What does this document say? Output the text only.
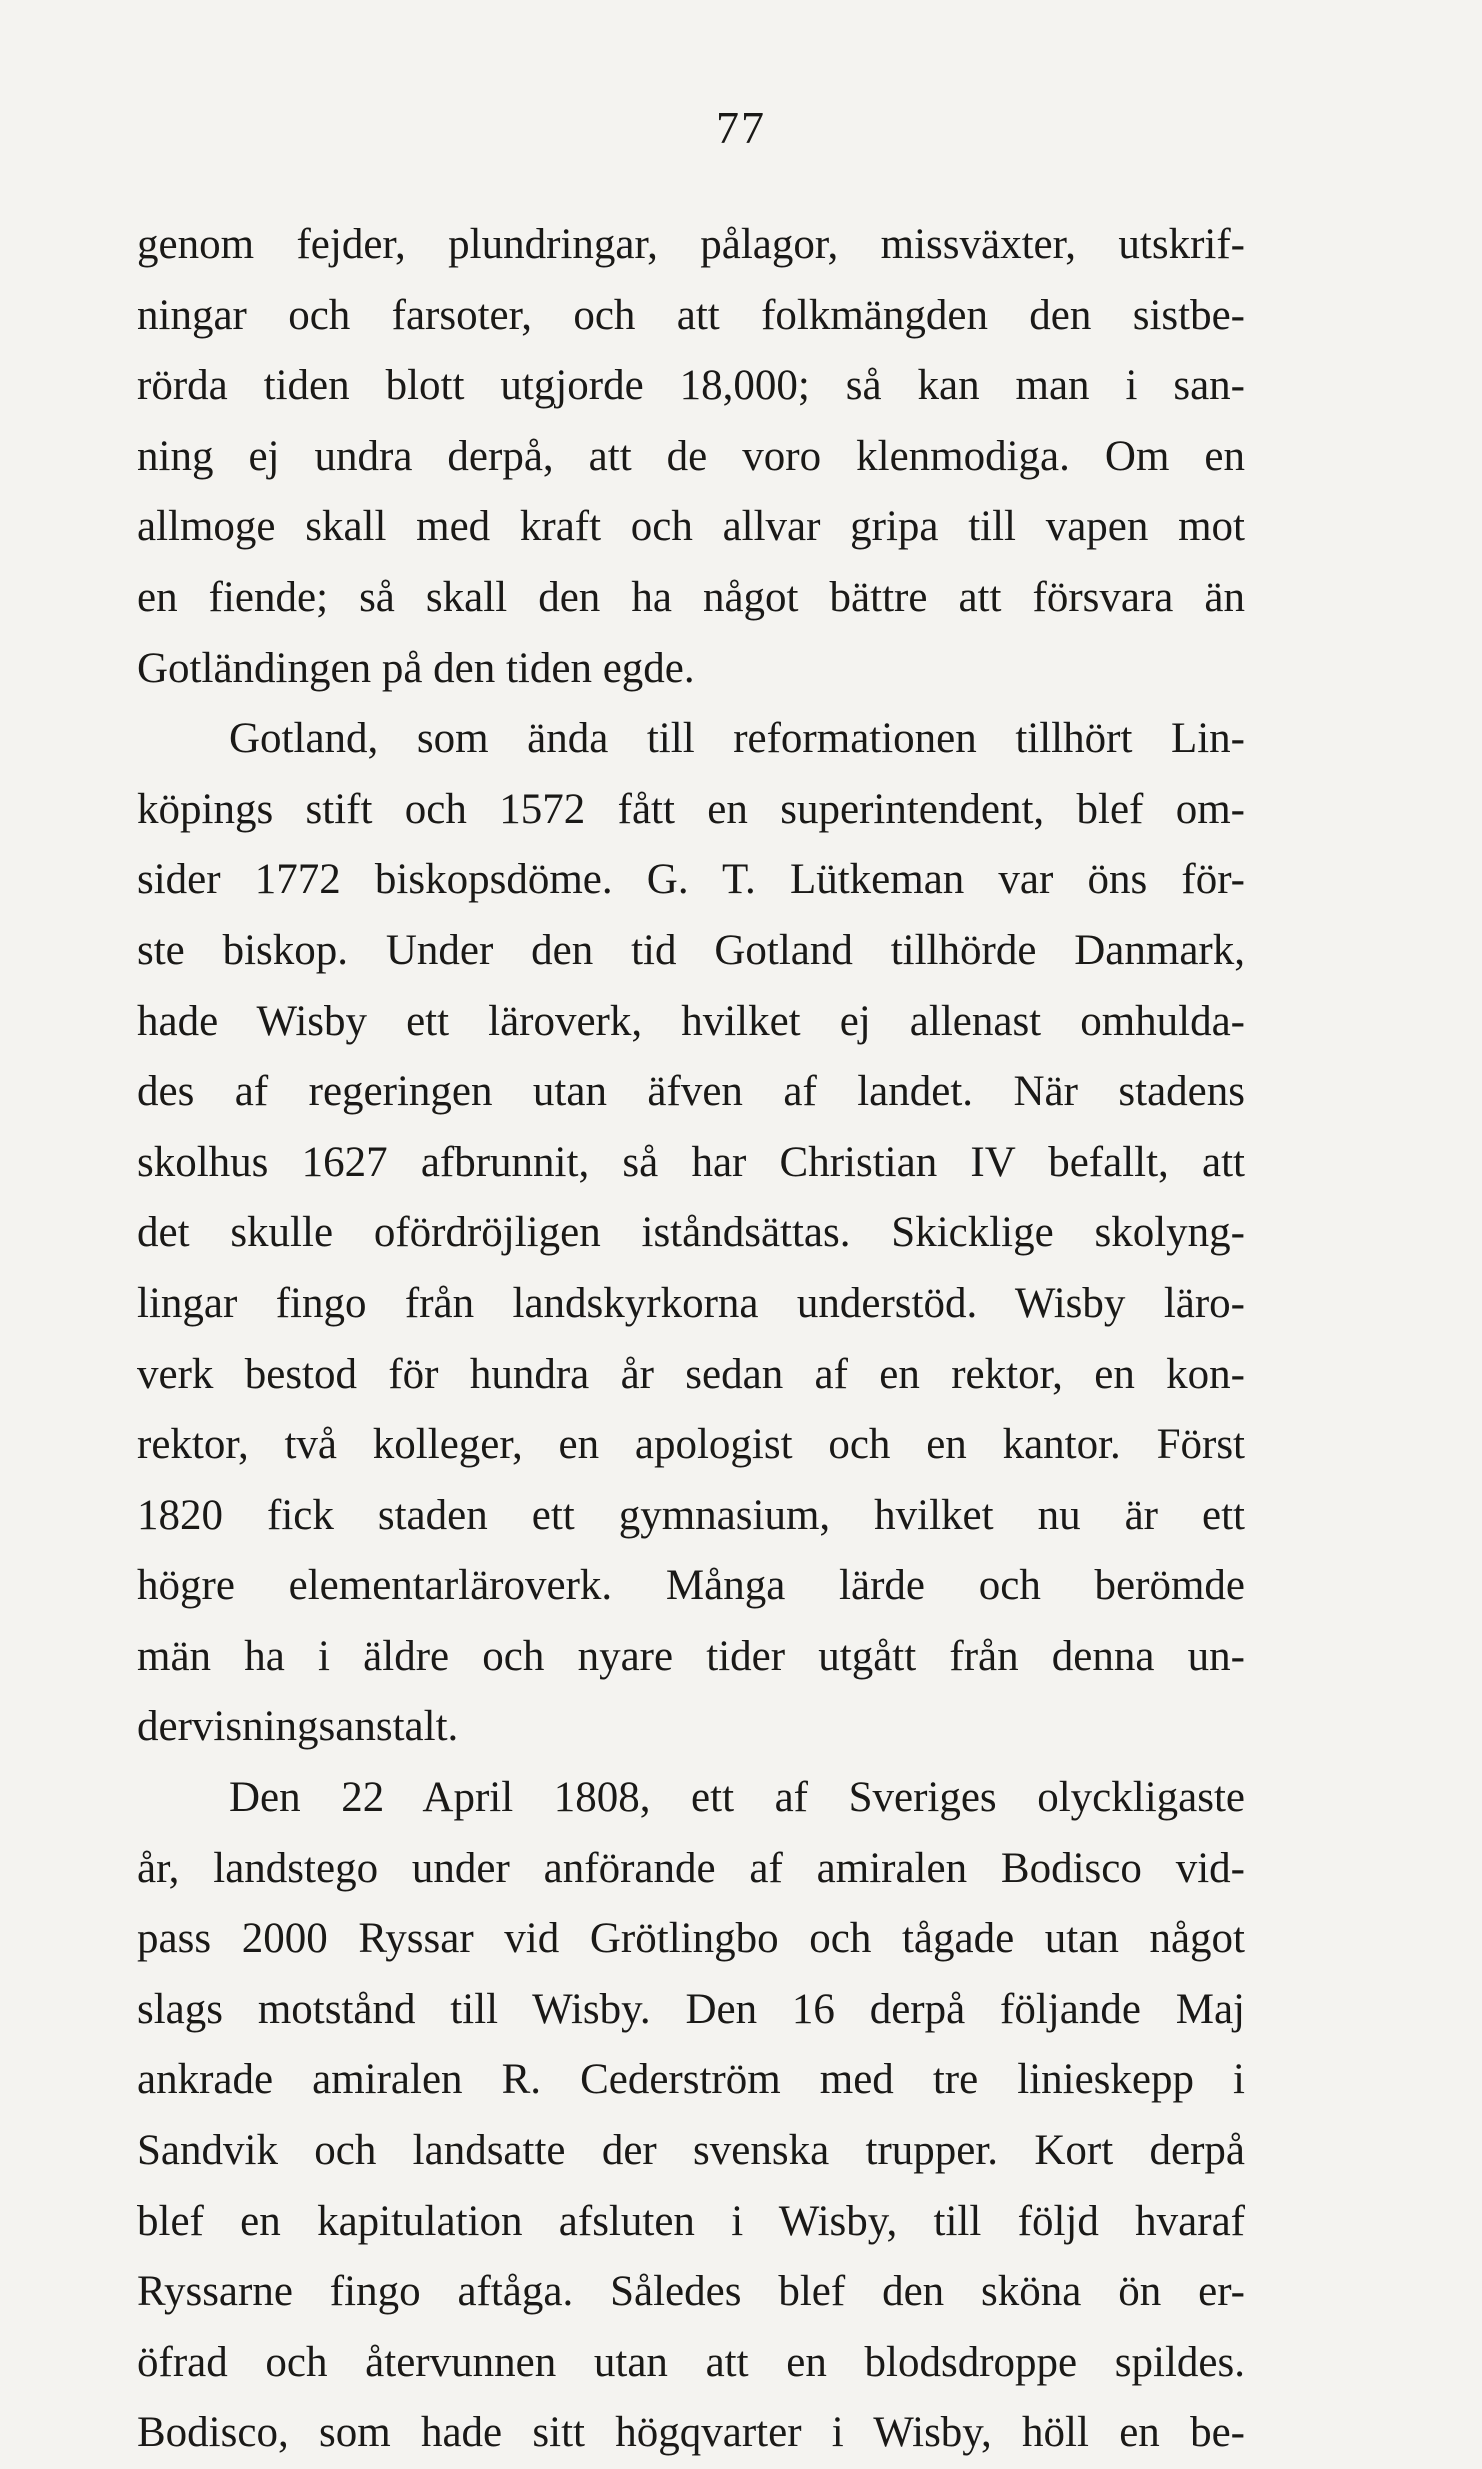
77
genom fejder, plundringar, pålagor, missväxter, utskrif-
ningar och farsoter, och att folkmängden den sistbe-
rörda tiden blott utgjorde 18,000; så kan man i san-
ning ej undra derpå, att de voro klenmodiga. Om en
allmoge skall med kraft och allvar gripa till vapen mot
en fiende; så skall den ha något bättre att försvara än
Gotländingen på den tiden egde.
Gotland, som ända till reformationen tillhört Lin-
köpings stift och 1572 fått en superintendent, blef om-
sider 1772 biskopsdöme. G. T. Lütkeman var öns för-
ste biskop. Under den tid Gotland tillhörde Danmark,
hade Wisby ett läroverk, hvilket ej allenast omhulda-
des af regeringen utan äfven af landet. När stadens
skolhus 1627 afbrunnit, så har Christian IV befallt, att
det skulle ofördröjligen iståndsättas. Skicklige skolyng-
lingar fingo från landskyrkorna understöd. Wisby läro-
verk bestod för hundra år sedan af en rektor, en kon-
rektor, två kolleger, en apologist och en kantor. Först
1820 fick staden ett gymnasium, hvilket nu är ett
högre elementarläroverk. Många lärde och berömde
män ha i äldre och nyare tider utgått från denna un-
dervisningsanstalt.
Den 22 April 1808, ett af Sveriges olyckligaste
år, landstego under anförande af amiralen Bodisco vid-
pass 2000 Ryssar vid Grötlingbo och tågade utan något
slags motstånd till Wisby. Den 16 derpå följande Maj
ankrade amiralen R. Cederström med tre linieskepp i
Sandvik och landsatte der svenska trupper. Kort derpå
blef en kapitulation afsluten i Wisby, till följd hvaraf
Ryssarne fingo aftåga. Således blef den sköna ön er-
öfrad och återvunnen utan att en blodsdroppe spildes.
Bodisco, som hade sitt högqvarter i Wisby, höll en be-
